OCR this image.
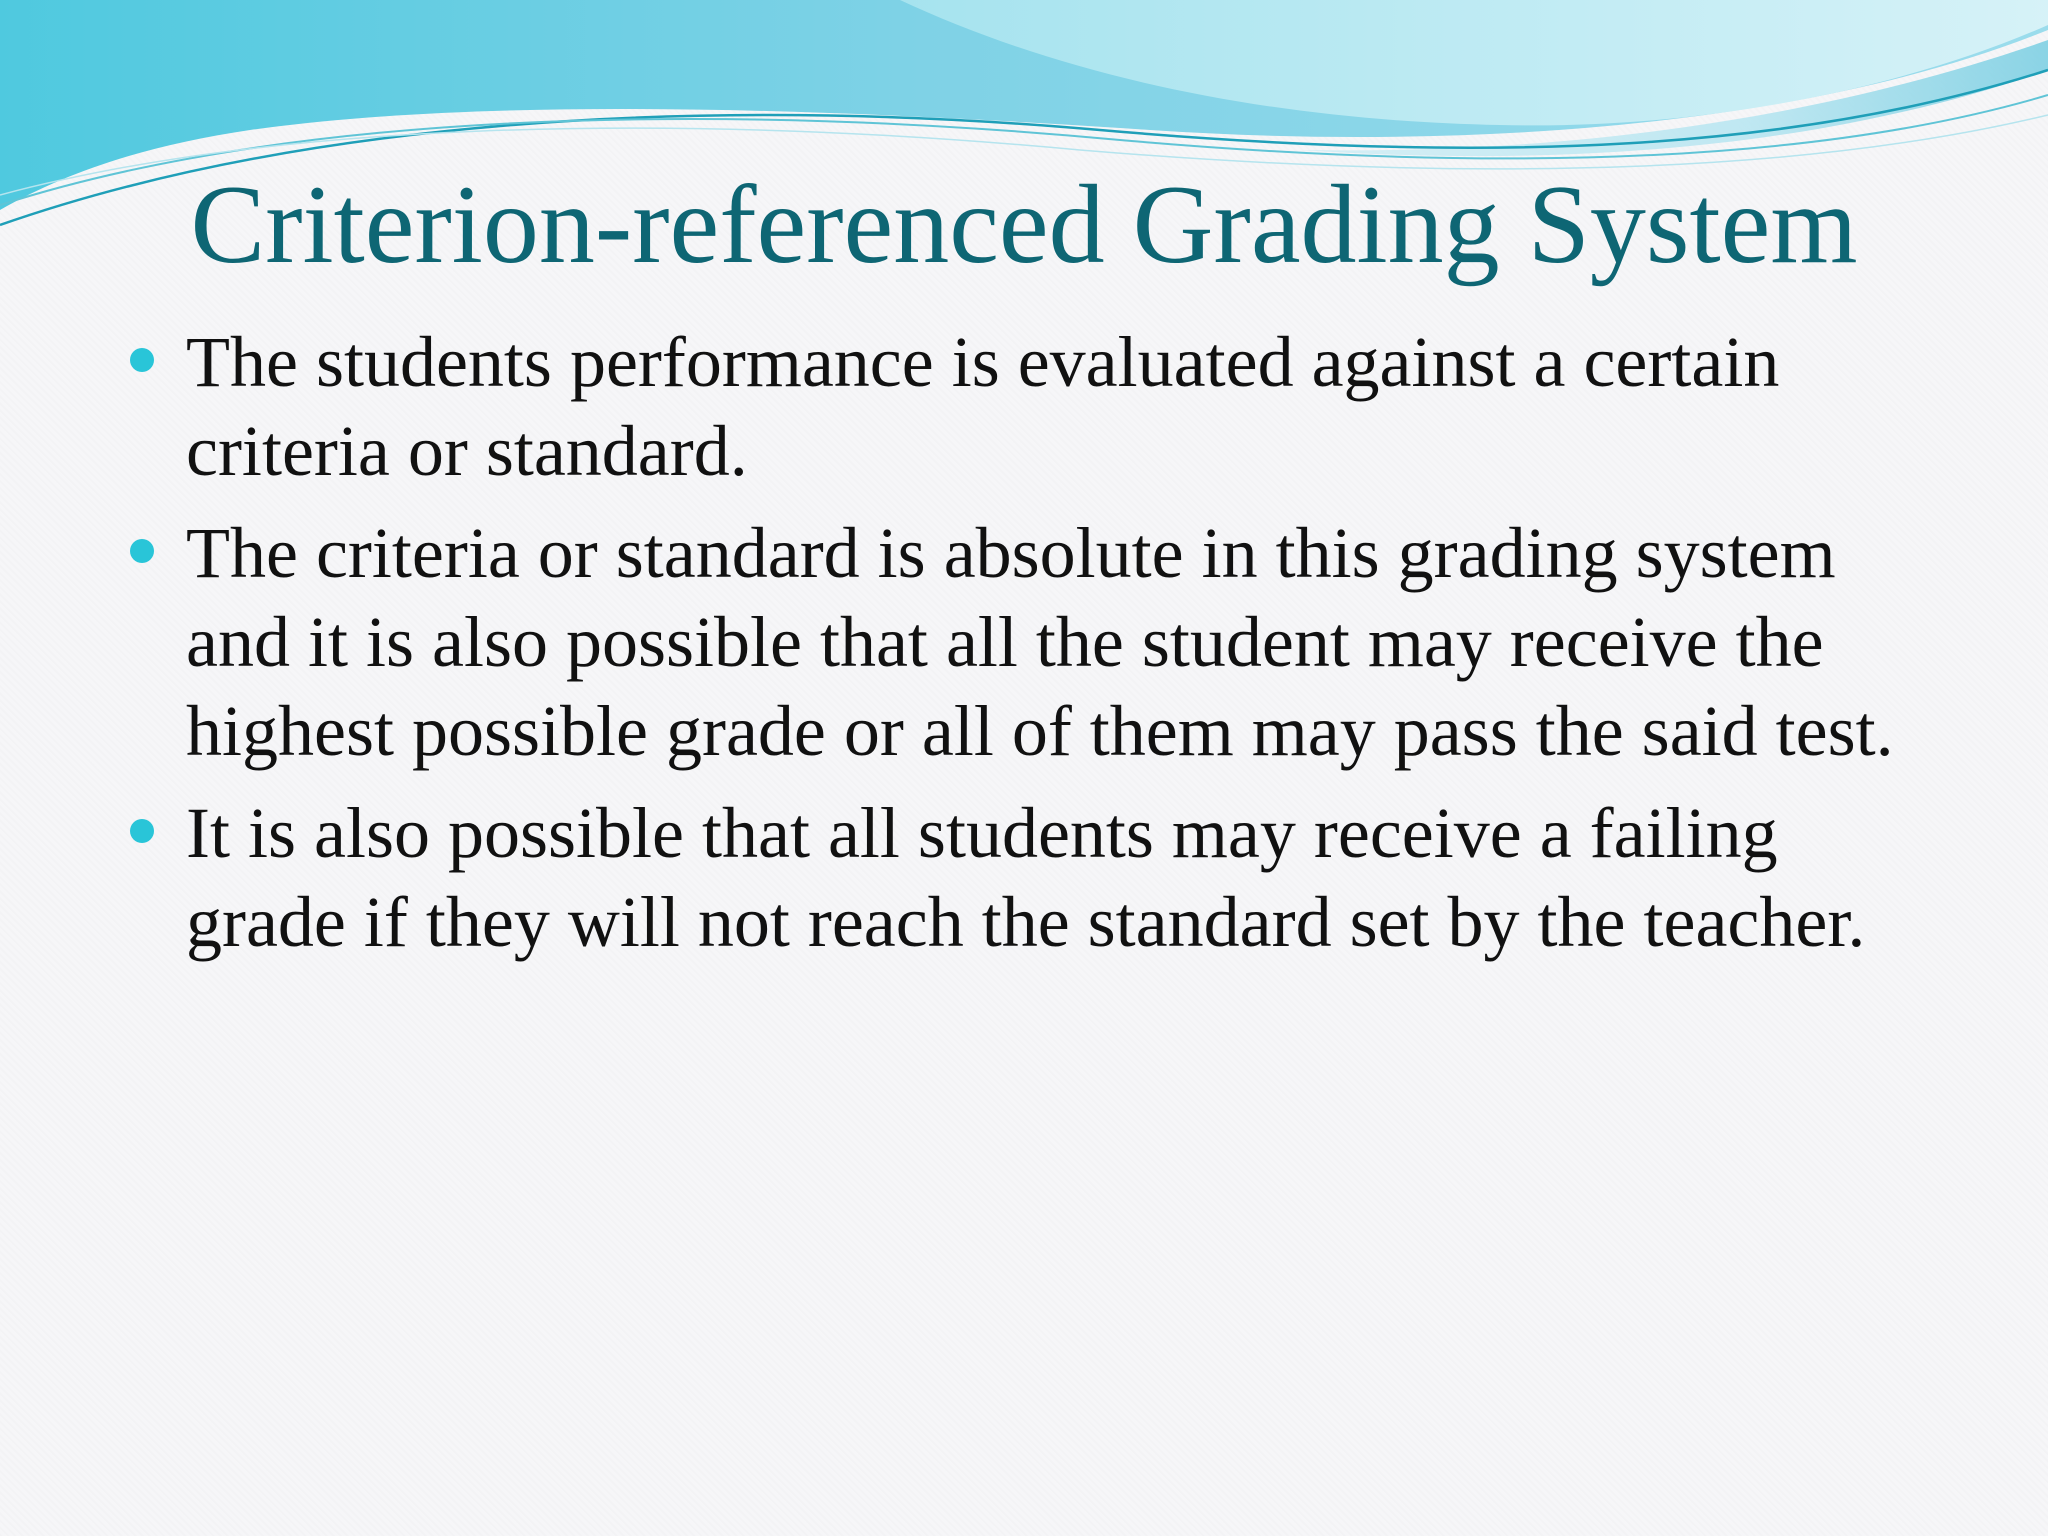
Criterion-referenced Grading System
The students performance is evaluated against a certain criteria or standard.
The criteria or standard is absolute in this grading system and it is also possible that all the student may receive the highest possible grade or all of them may pass the said test.
It is also possible that all students may receive a failing grade if they will not reach the standard set by the teacher.
